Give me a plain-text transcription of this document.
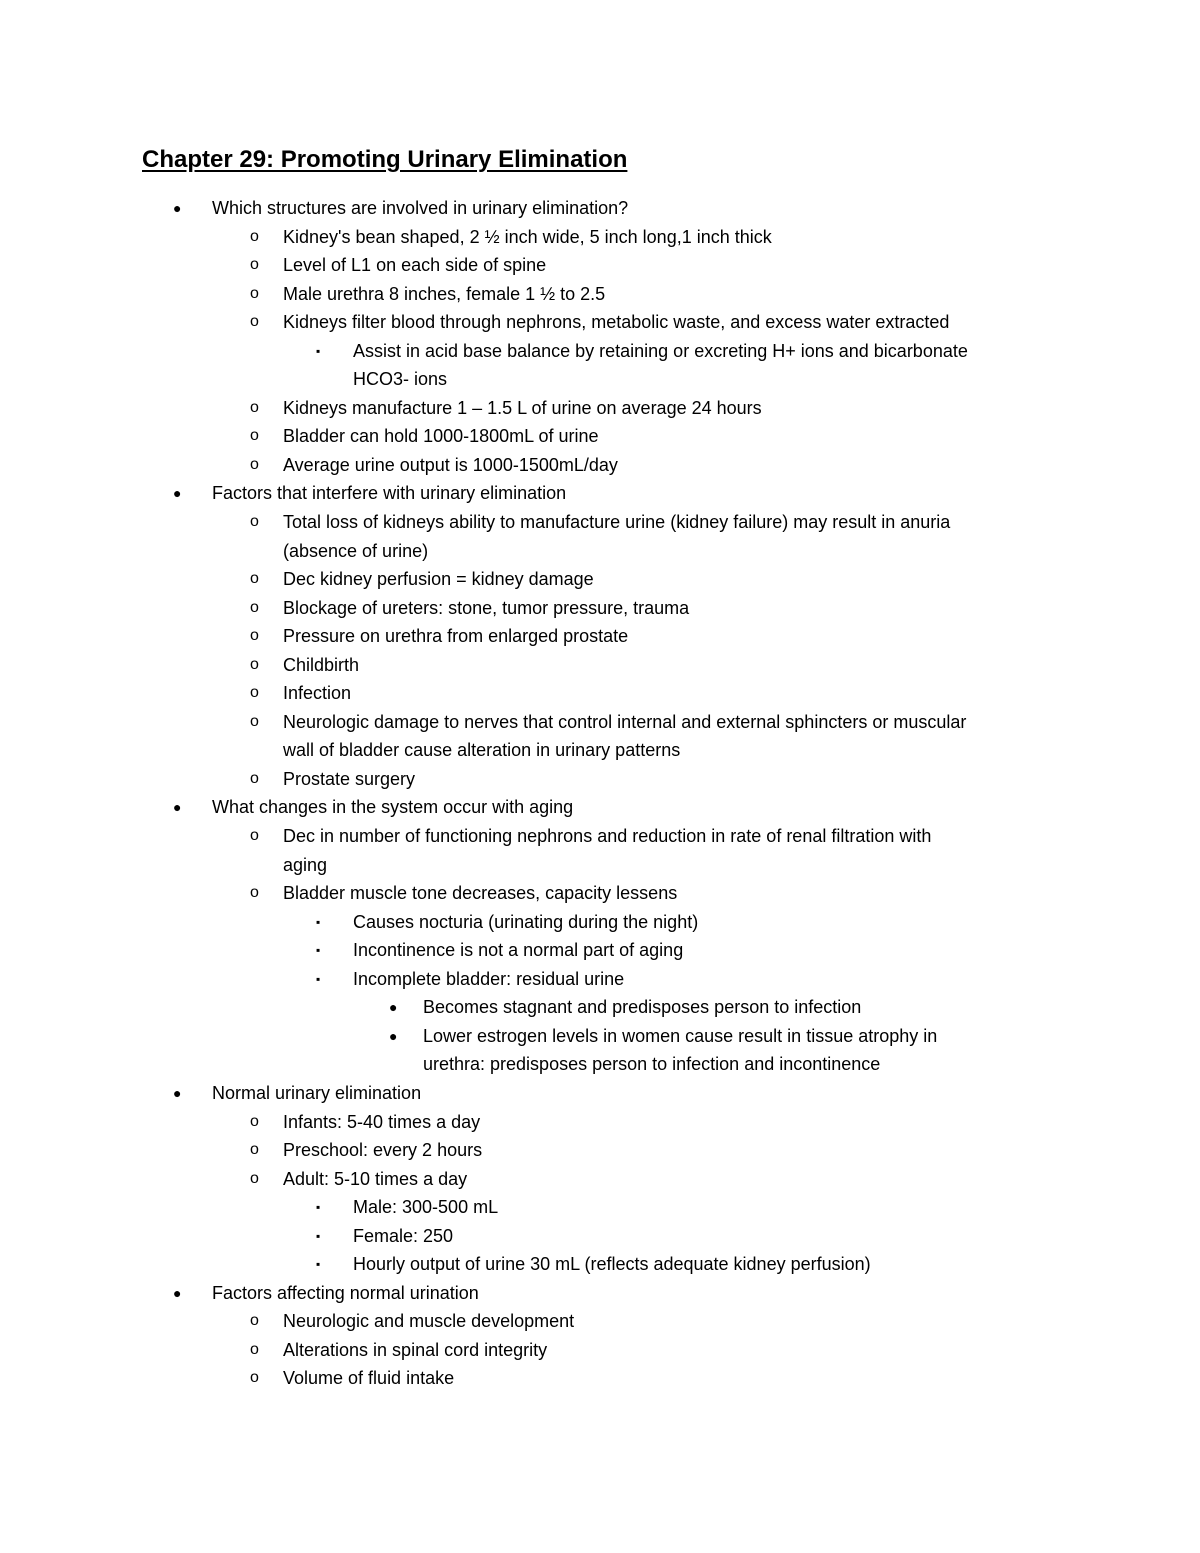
Chapter 29: Promoting Urinary Elimination
● Which structures are involved in urinary elimination?
o Kidney's bean shaped, 2 ½ inch wide, 5 inch long,1 inch thick
o Level of L1 on each side of spine
o Male urethra 8 inches, female 1 ½ to 2.5
o Kidneys filter blood through nephrons, metabolic waste, and excess water extracted
▪ Assist in acid base balance by retaining or excreting H+ ions and bicarbonate
HCO3- ions
o Kidneys manufacture 1 – 1.5 L of urine on average 24 hours
o Bladder can hold 1000-1800mL of urine
o Average urine output is 1000-1500mL/day
● Factors that interfere with urinary elimination
o Total loss of kidneys ability to manufacture urine (kidney failure) may result in anuria
(absence of urine)
o Dec kidney perfusion = kidney damage
o Blockage of ureters: stone, tumor pressure, trauma
o Pressure on urethra from enlarged prostate
o Childbirth
o Infection
o Neurologic damage to nerves that control internal and external sphincters or muscular
wall of bladder cause alteration in urinary patterns
o Prostate surgery
● What changes in the system occur with aging
o Dec in number of functioning nephrons and reduction in rate of renal filtration with
aging
o Bladder muscle tone decreases, capacity lessens
▪ Causes nocturia (urinating during the night)
▪ Incontinence is not a normal part of aging
▪ Incomplete bladder: residual urine
● Becomes stagnant and predisposes person to infection
● Lower estrogen levels in women cause result in tissue atrophy in
urethra: predisposes person to infection and incontinence
● Normal urinary elimination
o Infants: 5-40 times a day
o Preschool: every 2 hours
o Adult: 5-10 times a day
▪ Male: 300-500 mL
▪ Female: 250
▪ Hourly output of urine 30 mL (reflects adequate kidney perfusion)
● Factors affecting normal urination
o Neurologic and muscle development
o Alterations in spinal cord integrity
o Volume of fluid intake
